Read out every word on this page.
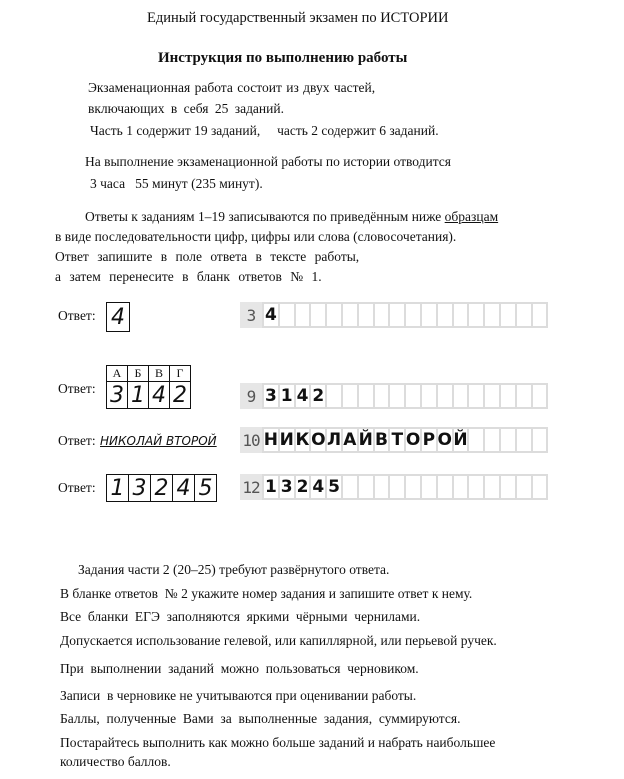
Единый государственный экзамен по ИСТОРИИ
Инструкция по выполнению работы
Экзаменационная работа состоит из двух частей,
включающих в себя 25 заданий.
Часть 1 содержит 19 заданий,     часть 2 содержит 6 заданий.
На выполнение экзаменационной работы по истории отводится
3 часа   55 минут (235 минут).
Ответы к заданиям 1–19 записываются по приведённым ниже образцам
в виде последовательности цифр, цифры или слова (словосочетания).
Ответ запишите в поле ответа в тексте работы,
а затем перенесите в бланк ответов № 1.
Ответ: 4	3 4
Ответ:
А	Б	В	Г
3	1	4	2	9 3 1 4 2
Ответ: НИКОЛАЙ ВТОРОЙ 10 Н И К О Л А Й В Т О Р О Й
Ответ: 1	3	2	4	5 12 1 3 2 4 5
Задания части 2 (20–25) требуют развёрнутого ответа.
В бланке ответов  № 2 укажите номер задания и запишите ответ к нему.
Все  бланки  ЕГЭ  заполняются  яркими  чёрными  чернилами.
Допускается использование гелевой, или капиллярной, или перьевой ручек.
При  выполнении  заданий  можно  пользоваться  черновиком.
Записи  в черновике не учитываются при оценивании работы.
Баллы,  полученные  Вами  за  выполненные  задания,  суммируются.
Постарайтесь выполнить как можно больше заданий и набрать наибольшее
количество баллов.
